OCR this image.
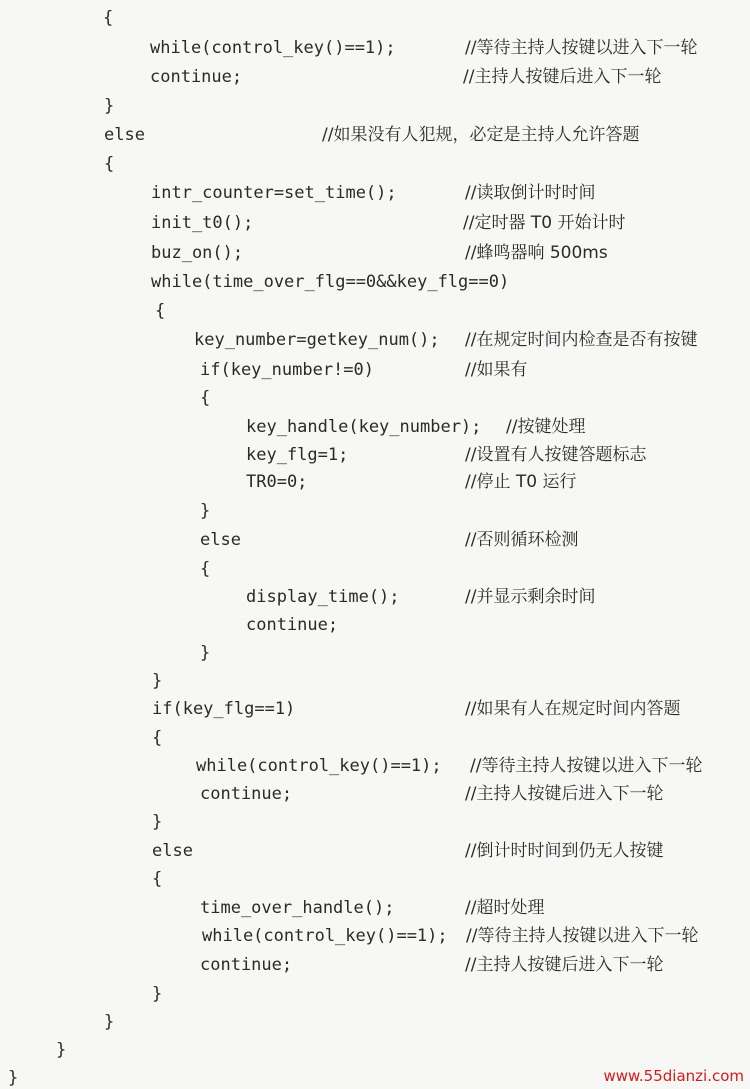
{
while(control_key()==1);	//等待主持人按键以进入下一轮
continue;	//主持人按键后进入下一轮
}
else	//如果没有人犯规，必定是主持人允许答题
{
intr_counter=set_time();	//读取倒计时时间
init_t0();	//定时器 T0 开始计时
buz_on();	//蜂鸣器响 500ms
while(time_over_flg==0&&key_flg==0)
{
key_number=getkey_num(); //在规定时间内检查是否有按键
if(key_number!=0)	//如果有
{
key_handle(key_number); //按键处理
key_flg=1;	//设置有人按键答题标志
TR0=0;	//停止 T0 运行
}
else	//否则循环检测
{
display_time();	//并显示剩余时间
continue;
}
}
if(key_flg==1)	//如果有人在规定时间内答题
{
while(control_key()==1); //等待主持人按键以进入下一轮
continue;	//主持人按键后进入下一轮
}
else	//倒计时时间到仍无人按键
{
time_over_handle();	//超时处理
while(control_key()==1); //等待主持人按键以进入下一轮
continue;	//主持人按键后进入下一轮
}
}
}
}	www.55dianzi.com
